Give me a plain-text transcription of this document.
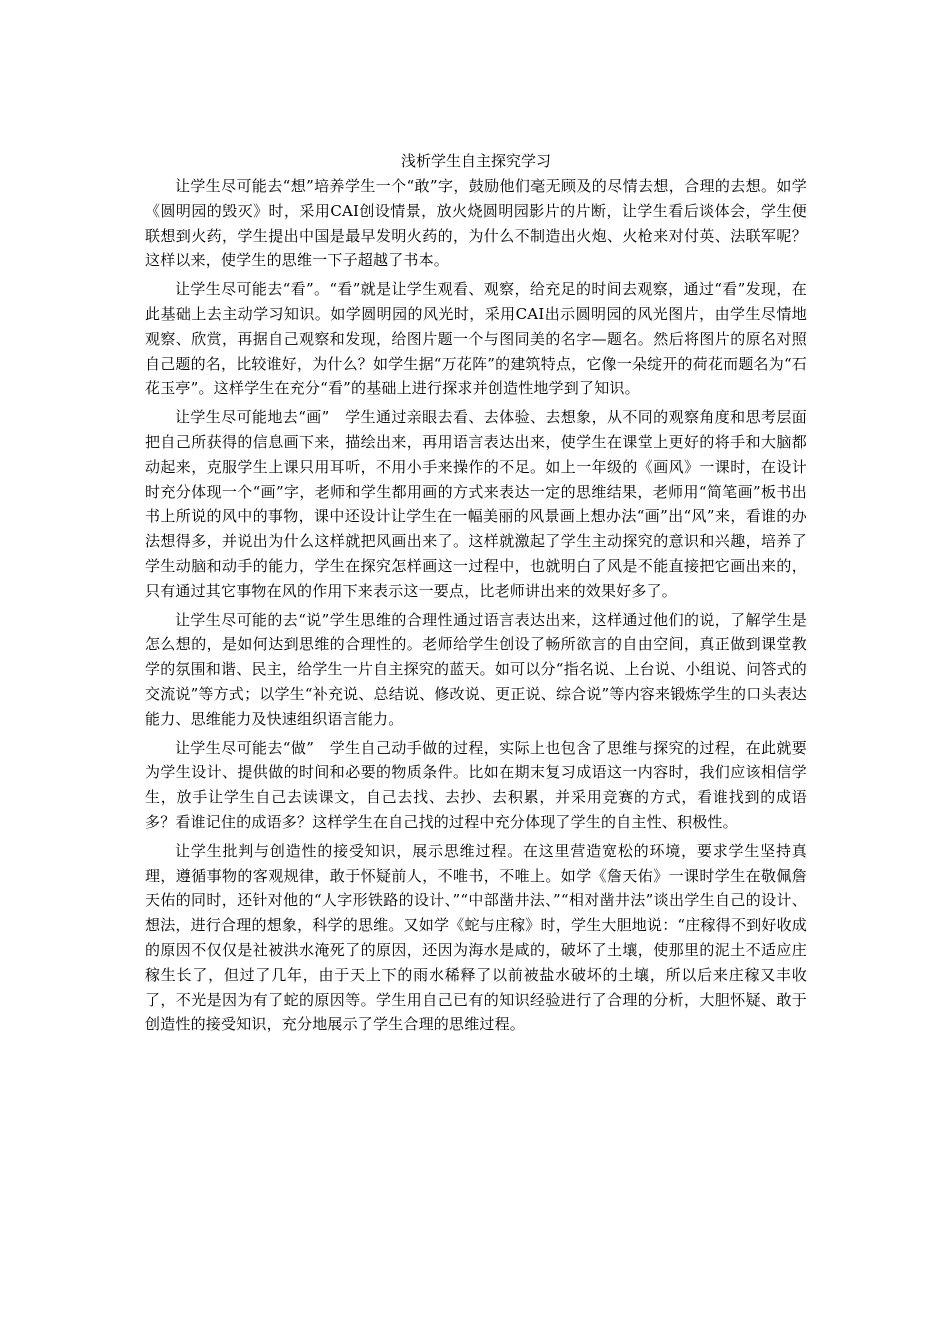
浅析学生自主探究学习

让学生尽可能去“想”培养学生一个“敢”字，鼓励他们毫无顾及的尽情去想，合理的去想。如学《圆明园的毁灭》时，采用CAI创设情景，放火烧圆明园影片的片断，让学生看后谈体会，学生便联想到火药，学生提出中国是最早发明火药的，为什么不制造出火炮、火枪来对付英、法联军呢？这样以来，使学生的思维一下子超越了书本。

让学生尽可能去“看”。“看”就是让学生观看、观察，给充足的时间去观察，通过“看”发现，在此基础上去主动学习知识。如学圆明园的风光时，采用CAI出示圆明园的风光图片，由学生尽情地观察、欣赏，再据自己观察和发现，给图片题一个与图同美的名字—题名。然后将图片的原名对照自己题的名，比较谁好，为什么？如学生据“万花阵”的建筑特点，它像一朵绽开的荷花而题名为“石花玉亭”。这样学生在充分“看”的基础上进行探求并创造性地学到了知识。

让学生尽可能地去“画”　学生通过亲眼去看、去体验、去想象，从不同的观察角度和思考层面把自己所获得的信息画下来，描绘出来，再用语言表达出来，使学生在课堂上更好的将手和大脑都动起来，克服学生上课只用耳听，不用小手来操作的不足。如上一年级的《画风》一课时，在设计时充分体现一个“画”字，老师和学生都用画的方式来表达一定的思维结果，老师用“简笔画”板书出书上所说的风中的事物，课中还设计让学生在一幅美丽的风景画上想办法“画”出“风”来，看谁的办法想得多，并说出为什么这样就把风画出来了。这样就激起了学生主动探究的意识和兴趣，培养了学生动脑和动手的能力，学生在探究怎样画这一过程中，也就明白了风是不能直接把它画出来的，只有通过其它事物在风的作用下来表示这一要点，比老师讲出来的效果好多了。

让学生尽可能的去“说”学生思维的合理性通过语言表达出来，这样通过他们的说，了解学生是怎么想的，是如何达到思维的合理性的。老师给学生创设了畅所欲言的自由空间，真正做到课堂教学的氛围和谐、民主，给学生一片自主探究的蓝天。如可以分“指名说、上台说、小组说、问答式的交流说”等方式；以学生“补充说、总结说、修改说、更正说、综合说”等内容来锻炼学生的口头表达能力、思维能力及快速组织语言能力。

让学生尽可能去“做”　学生自己动手做的过程，实际上也包含了思维与探究的过程，在此就要为学生设计、提供做的时间和必要的物质条件。比如在期末复习成语这一内容时，我们应该相信学生，放手让学生自己去读课文，自己去找、去抄、去积累，并采用竞赛的方式，看谁找到的成语多？看谁记住的成语多？这样学生在自己找的过程中充分体现了学生的自主性、积极性。

让学生批判与创造性的接受知识，展示思维过程。在这里营造宽松的环境，要求学生坚持真理，遵循事物的客观规律，敢于怀疑前人，不唯书，不唯上。如学《詹天佑》一课时学生在敬佩詹天佑的同时，还针对他的“人字形铁路的设计、”“中部凿井法、”“相对凿井法”谈出学生自己的设计、想法，进行合理的想象，科学的思维。又如学《蛇与庄稼》时，学生大胆地说：“庄稼得不到好收成的原因不仅仅是社被洪水淹死了的原因，还因为海水是咸的，破坏了土壤，使那里的泥土不适应庄稼生长了，但过了几年，由于天上下的雨水稀释了以前被盐水破坏的土壤，所以后来庄稼又丰收了，不光是因为有了蛇的原因等。学生用自己已有的知识经验进行了合理的分析，大胆怀疑、敢于创造性的接受知识，充分地展示了学生合理的思维过程。
